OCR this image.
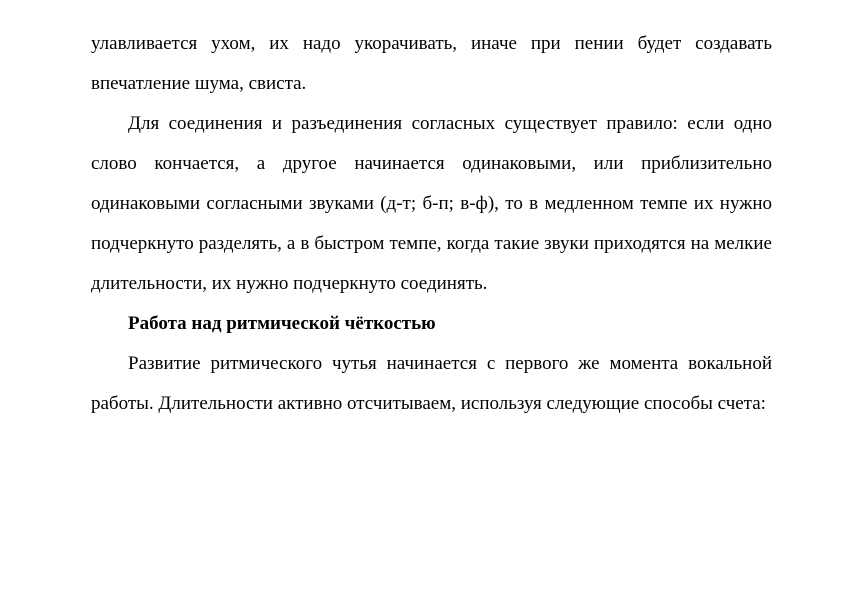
улавливается ухом, их надо укорачивать, иначе при пении будет создавать впечатление шума, свиста.

Для соединения и разъединения согласных существует правило: если одно слово кончается, а другое начинается одинаковыми, или приблизительно одинаковыми согласными звуками (д-т; б-п; в-ф), то в медленном темпе их нужно подчеркнуто разделять, а в быстром темпе, когда такие звуки приходятся на мелкие длительности, их нужно подчеркнуто соединять.

Работа над ритмической чёткостью

Развитие ритмического чутья начинается с первого же момента вокальной работы. Длительности активно отсчитываем, используя следующие способы счета:
